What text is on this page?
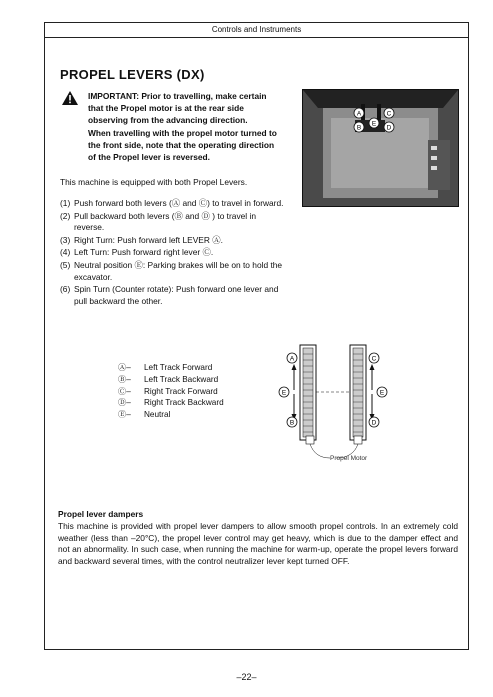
Controls and Instruments
PROPEL LEVERS (DX)

IMPORTANT: Prior to travelling, make certain that the Propel motor is at the rear side observing from the advancing direction.

When travelling with the propel motor turned to the front side, note that the operating direction of the Propel lever is reversed.

A
B
C
D
E
This machine is equipped with both Propel Levers.
(1) Push forward both levers (Ⓐ and Ⓒ) to travel in forward.
(2) Pull backward both levers (Ⓑ and Ⓓ ) to travel in reverse.
(3) Right Turn: Push forward left LEVER Ⓐ.
(4) Left Turn: Push forward right lever Ⓒ.
(5) Neutral position Ⓔ: Parking brakes will be on to hold the excavator.
(6) Spin Turn (Counter rotate): Push forward one lever and pull backward the other.
Ⓐ–	Left Track Forward
Ⓑ–	Left Track Backward
Ⓒ–	Right Track Forward
Ⓓ–	Right Track Backward
Ⓔ–	Neutral
A
B
C
D
E	E
Propel Motor
Propel lever dampers
This machine is provided with propel lever dampers to allow smooth propel controls. In an extremely cold weather (less than –20°C), the propel lever control may get heavy, which is due to the damper effect and not an abnormality. In such case, when running the machine for warm-up, operate the propel levers forward and backward several times, with the control neutralizer lever kept turned OFF.
–22–
